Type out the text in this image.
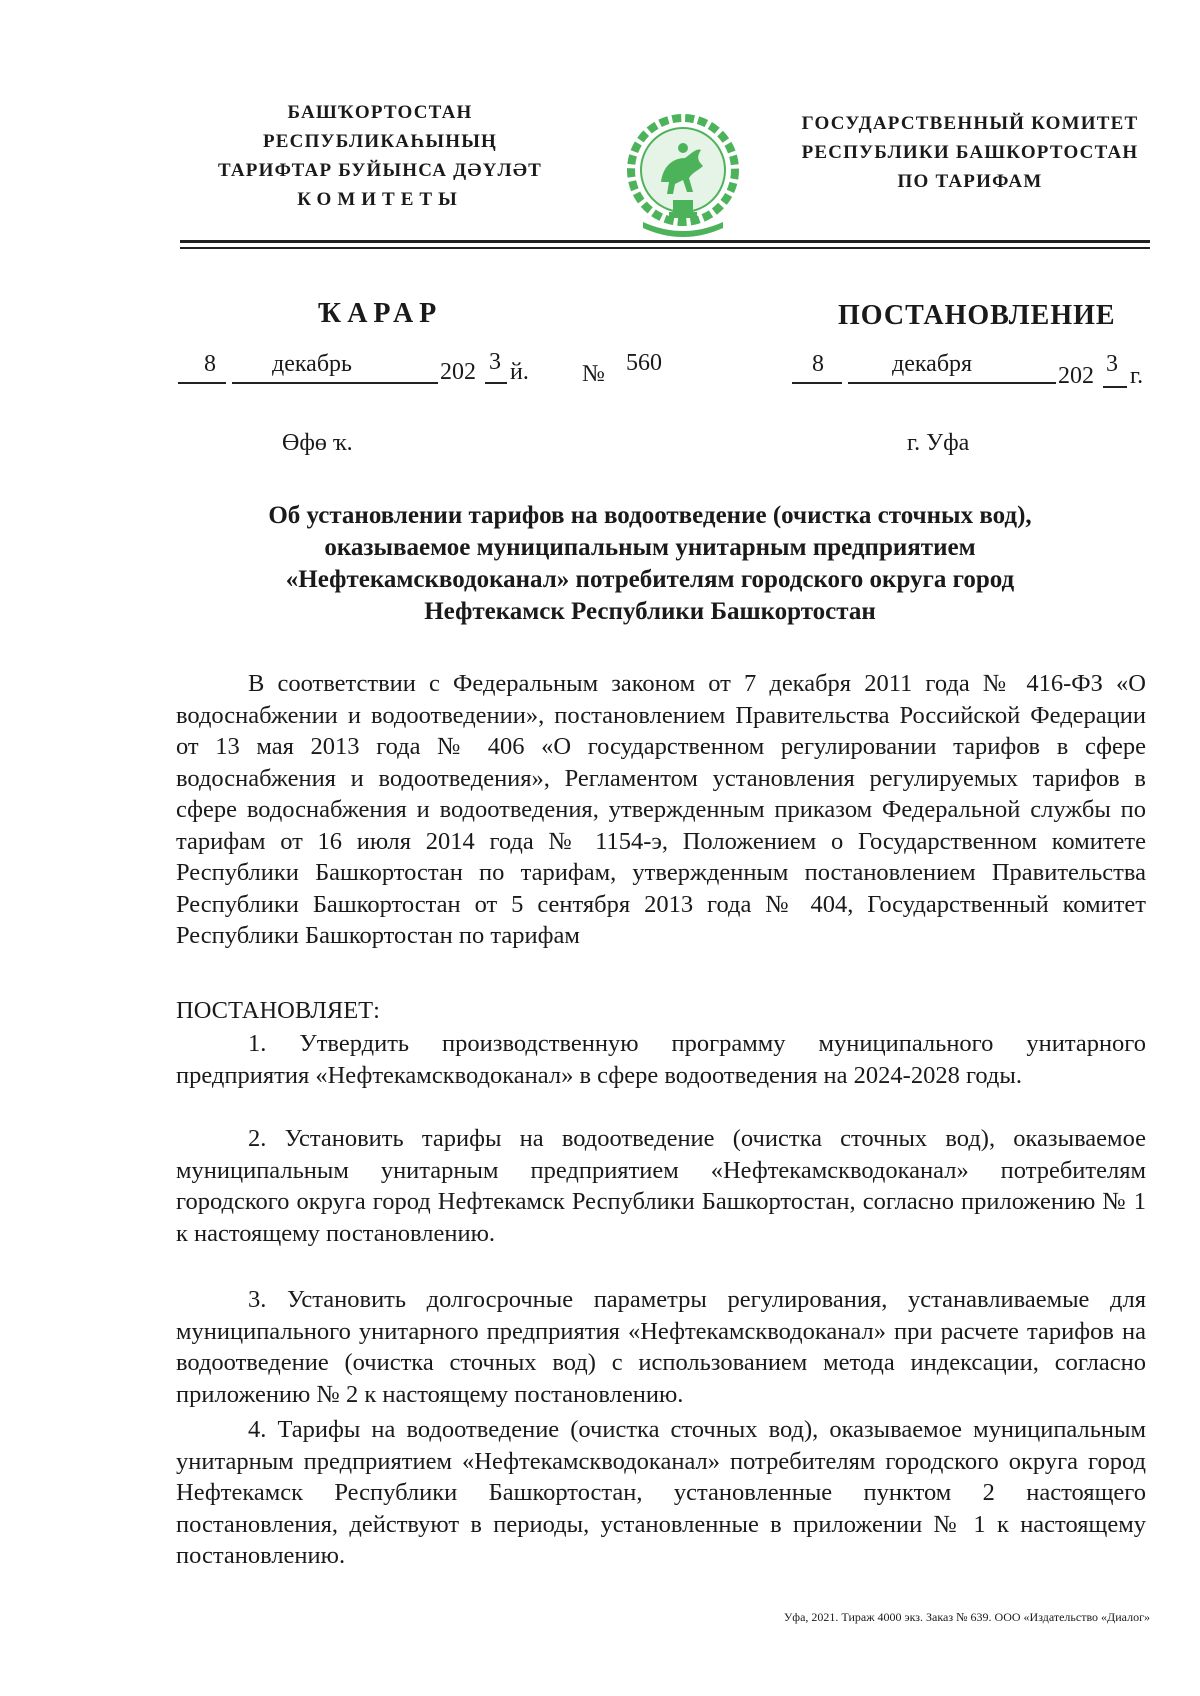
БАШҠОРТОСТАН РЕСПУБЛИКАҺЫНЫҢ
ТАРИФТАР БУЙЫНСА ДӘҮЛӘТ
КОМИТЕТЫ
ГОСУДАРСТВЕННЫЙ КОМИТЕТ
РЕСПУБЛИКИ БАШКОРТОСТАН
ПО ТАРИФАМ
ҠАРАР	ПОСТАНОВЛЕНИЕ
8 декабрь	202 3 й. № 560	8	декабря	202 3 г.
Өфө ҡ.	г. Уфа
Об установлении тарифов на водоотведение (очистка сточных вод),
оказываемое муниципальным унитарным предприятием
«Нефтекамскводоканал» потребителям городского округа город
Нефтекамск Республики Башкортостан
В соответствии с Федеральным законом от 7 декабря 2011 года № 416-ФЗ «О водоснабжении и водоотведении», постановлением Правительства Российской Федерации от 13 мая 2013 года № 406 «О государственном регулировании тарифов в сфере водоснабжения и водоотведения», Регламентом установления регулируемых тарифов в сфере водоснабжения и водоотведения, утвержденным приказом Федеральной службы по тарифам от 16 июля 2014 года № 1154-э, Положением о Государственном комитете Республики Башкортостан по тарифам, утвержденным постановлением Правительства Республики Башкортостан от 5 сентября 2013 года № 404, Государственный комитет Республики Башкортостан по тарифам
ПОСТАНОВЛЯЕТ:
1. Утвердить производственную программу муниципального унитарного предприятия «Нефтекамскводоканал» в сфере водоотведения на 2024-2028 годы.
2. Установить тарифы на водоотведение (очистка сточных вод), оказываемое муниципальным унитарным предприятием «Нефтекамскводоканал» потребителям городского округа город Нефтекамск Республики Башкортостан, согласно приложению № 1 к настоящему постановлению.
3. Установить долгосрочные параметры регулирования, устанавливаемые для муниципального унитарного предприятия «Нефтекамскводоканал» при расчете тарифов на водоотведение (очистка сточных вод) с использованием метода индексации, согласно приложению № 2 к настоящему постановлению.
4. Тарифы на водоотведение (очистка сточных вод), оказываемое муниципальным унитарным предприятием «Нефтекамскводоканал» потребителям городского округа город Нефтекамск Республики Башкортостан, установленные пунктом 2 настоящего постановления, действуют в периоды, установленные в приложении № 1 к настоящему постановлению.
Уфа, 2021. Тираж 4000 экз. Заказ № 639. ООО «Издательство «Диалог»
